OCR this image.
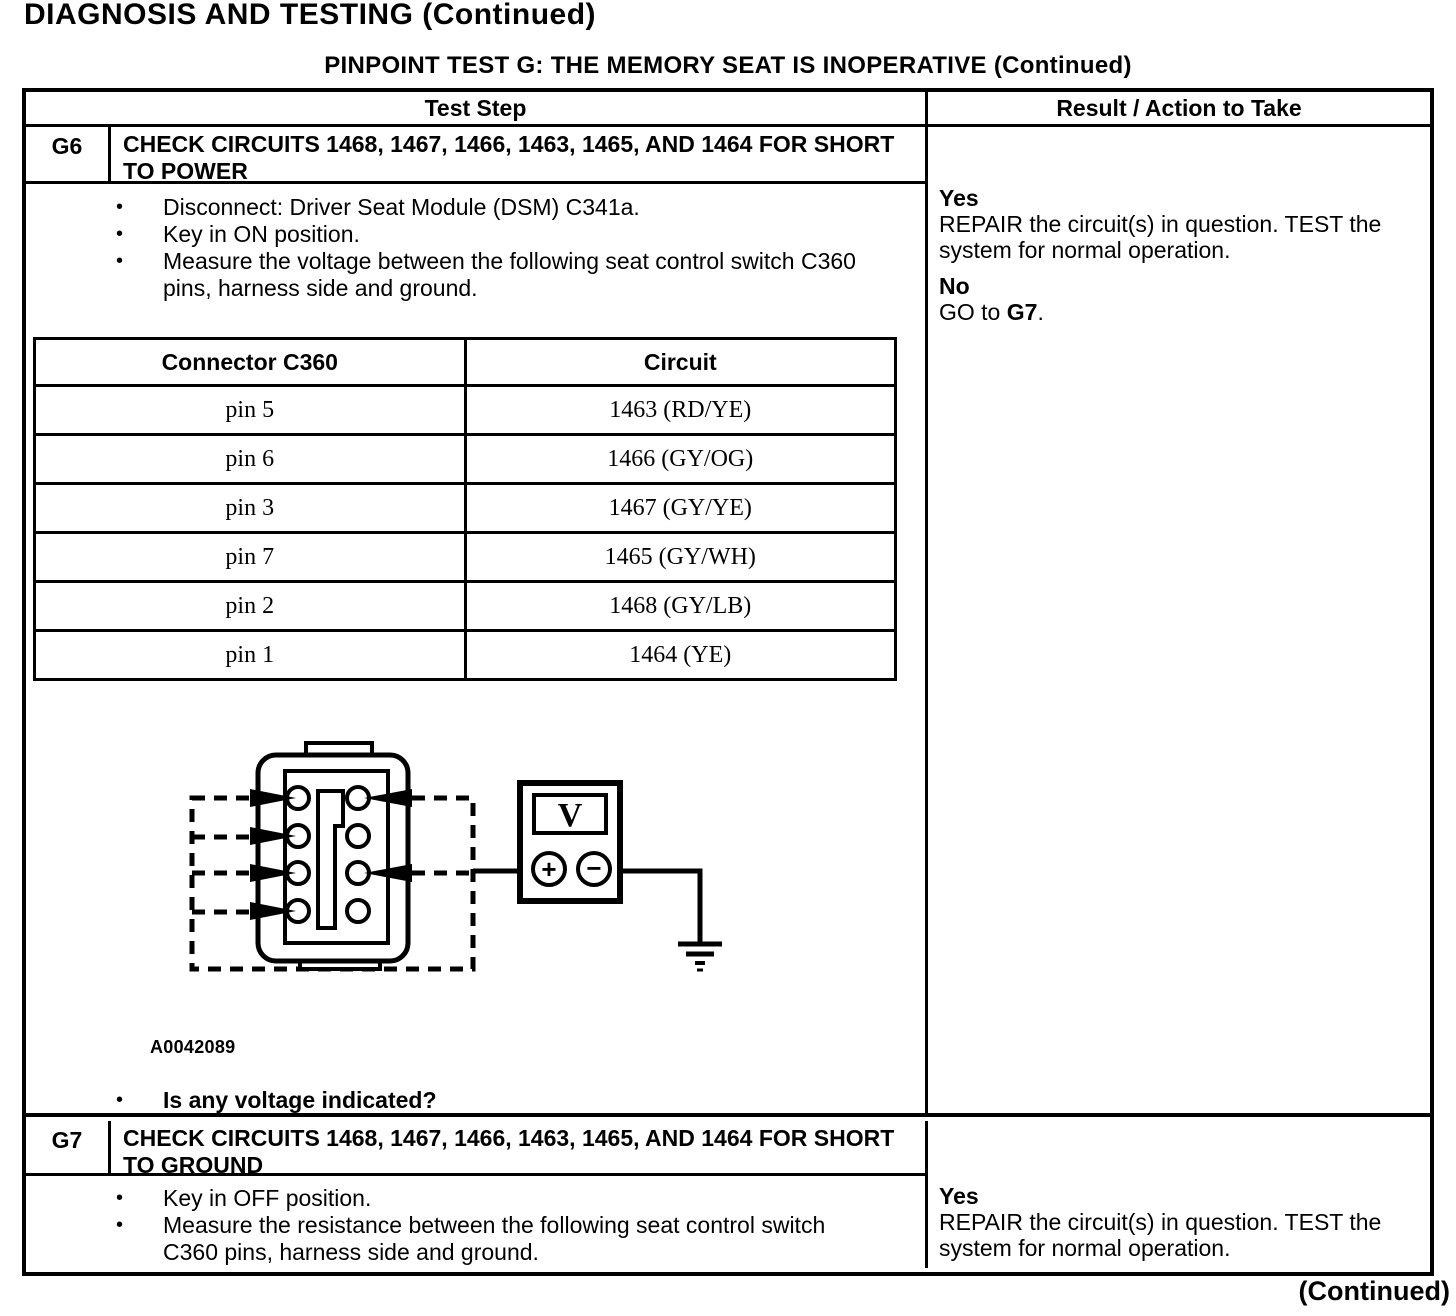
DIAGNOSIS AND TESTING (Continued)
PINPOINT TEST G: THE MEMORY SEAT IS INOPERATIVE (Continued)
Test Step	Result / Action to Take
G6	CHECK CIRCUITS 1468, 1467, 1466, 1463, 1465, AND 1464 FOR SHORT TO POWER
•	Disconnect: Driver Seat Module (DSM) C341a.
•	Key in ON position.
•	Measure the voltage between the following seat control switch C360 pins, harness side and ground.
Connector C360	Circuit
pin 5	1463 (RD/YE)
pin 6	1466 (GY/OG)
pin 3	1467 (GY/YE)
pin 7	1465 (GY/WH)
pin 2	1468 (GY/LB)
pin 1	1464 (YE)
V
+ −
A0042089
•	Is any voltage indicated?
Yes
REPAIR the circuit(s) in question. TEST the system for normal operation.
No
GO to G7.
G7	CHECK CIRCUITS 1468, 1467, 1466, 1463, 1465, AND 1464 FOR SHORT TO GROUND
•	Key in OFF position.
•	Measure the resistance between the following seat control switch C360 pins, harness side and ground.
Yes
REPAIR the circuit(s) in question. TEST the system for normal operation.
(Continued)
